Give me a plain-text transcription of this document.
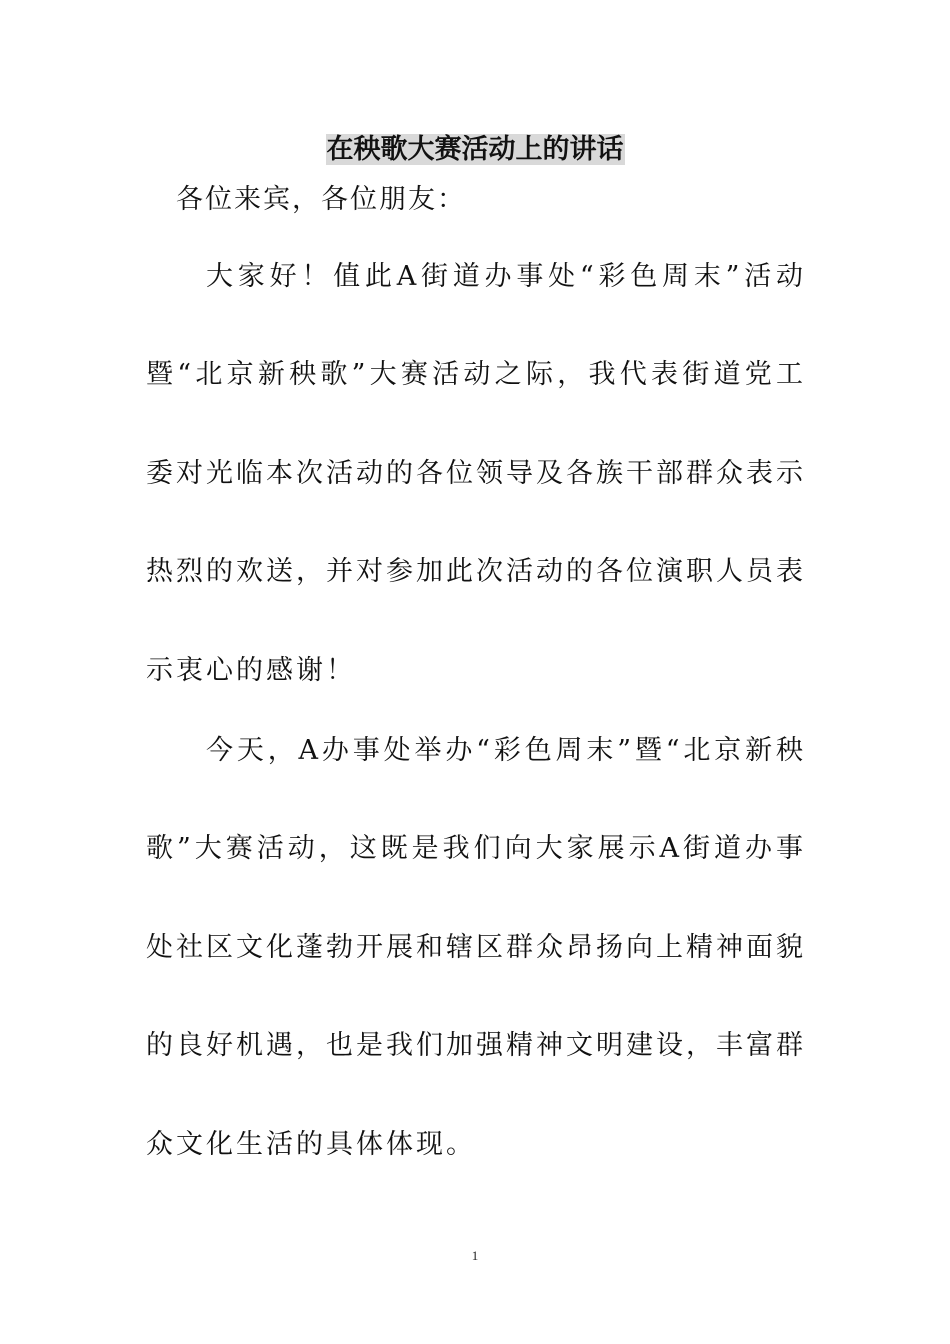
在秧歌大赛活动上的讲话

各位来宾，各位朋友：

大家好！值此A街道办事处“彩色周末”活动暨“北京新秧歌”大赛活动之际，我代表街道党工委对光临本次活动的各位领导及各族干部群众表示热烈的欢送，并对参加此次活动的各位演职人员表示衷心的感谢！

今天，A办事处举办“彩色周末”暨“北京新秧歌”大赛活动，这既是我们向大家展示A街道办事处社区文化蓬勃开展和辖区群众昂扬向上精神面貌的良好机遇，也是我们加强精神文明建设，丰富群众文化生活的具体体现。

1
